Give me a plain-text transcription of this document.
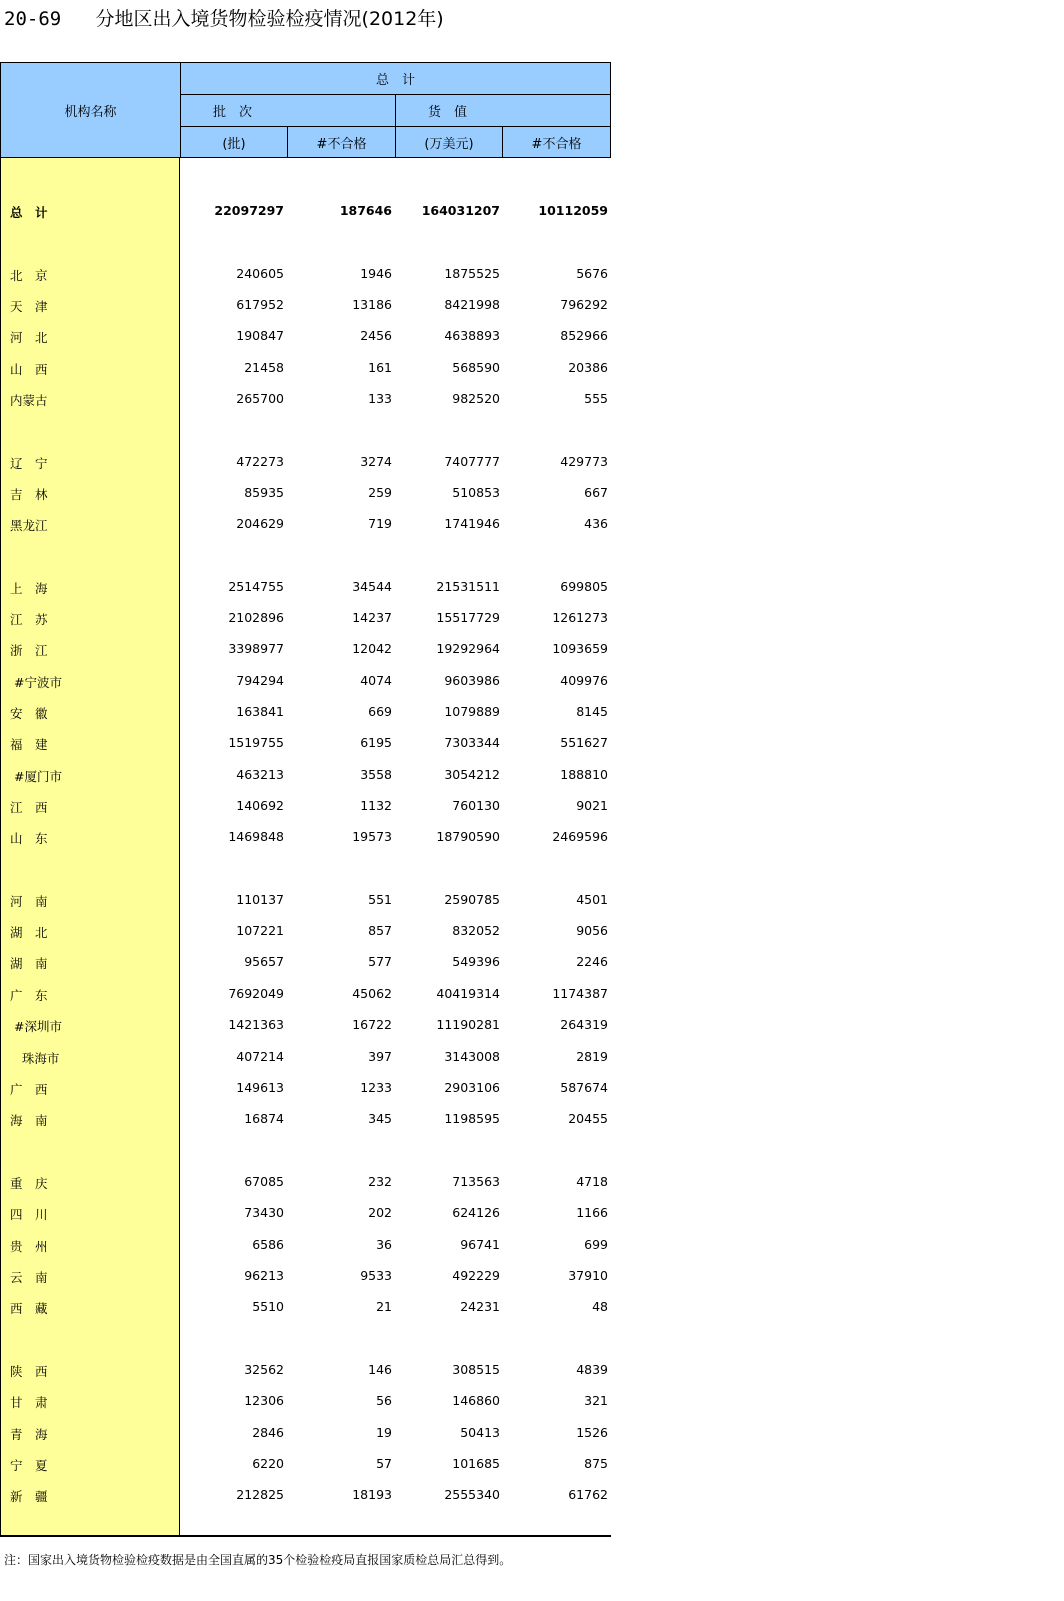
20-69 分地区出入境货物检验检疫情况(2012年)
机构名称
总　计
批　次	货　值
(批)	#不合格	(万美元)	#不合格
总　计	22097297	187646	164031207	10112059
北　京	240605	1946	1875525	5676
天　津	617952	13186	8421998	796292
河　北	190847	2456	4638893	852966
山　西	21458	161	568590	20386
内蒙古	265700	133	982520	555
辽　宁	472273	3274	7407777	429773
吉　林	85935	259	510853	667
黑龙江	204629	719	1741946	436
上　海	2514755	34544	21531511	699805
江　苏	2102896	14237	15517729	1261273
浙　江	3398977	12042	19292964	1093659
#宁波市	794294	4074	9603986	409976
安　徽	163841	669	1079889	8145
福　建	1519755	6195	7303344	551627
#厦门市	463213	3558	3054212	188810
江　西	140692	1132	760130	9021
山　东	1469848	19573	18790590	2469596
河　南	110137	551	2590785	4501
湖　北	107221	857	832052	9056
湖　南	95657	577	549396	2246
广　东	7692049	45062	40419314	1174387
#深圳市	1421363	16722	11190281	264319
珠海市	407214	397	3143008	2819
广　西	149613	1233	2903106	587674
海　南	16874	345	1198595	20455
重　庆	67085	232	713563	4718
四　川	73430	202	624126	1166
贵　州	6586	36	96741	699
云　南	96213	9533	492229	37910
西　藏	5510	21	24231	48
陕　西	32562	146	308515	4839
甘　肃	12306	56	146860	321
青　海	2846	19	50413	1526
宁　夏	6220	57	101685	875
新　疆	212825	18193	2555340	61762
注：国家出入境货物检验检疫数据是由全国直属的35个检验检疫局直报国家质检总局汇总得到。
